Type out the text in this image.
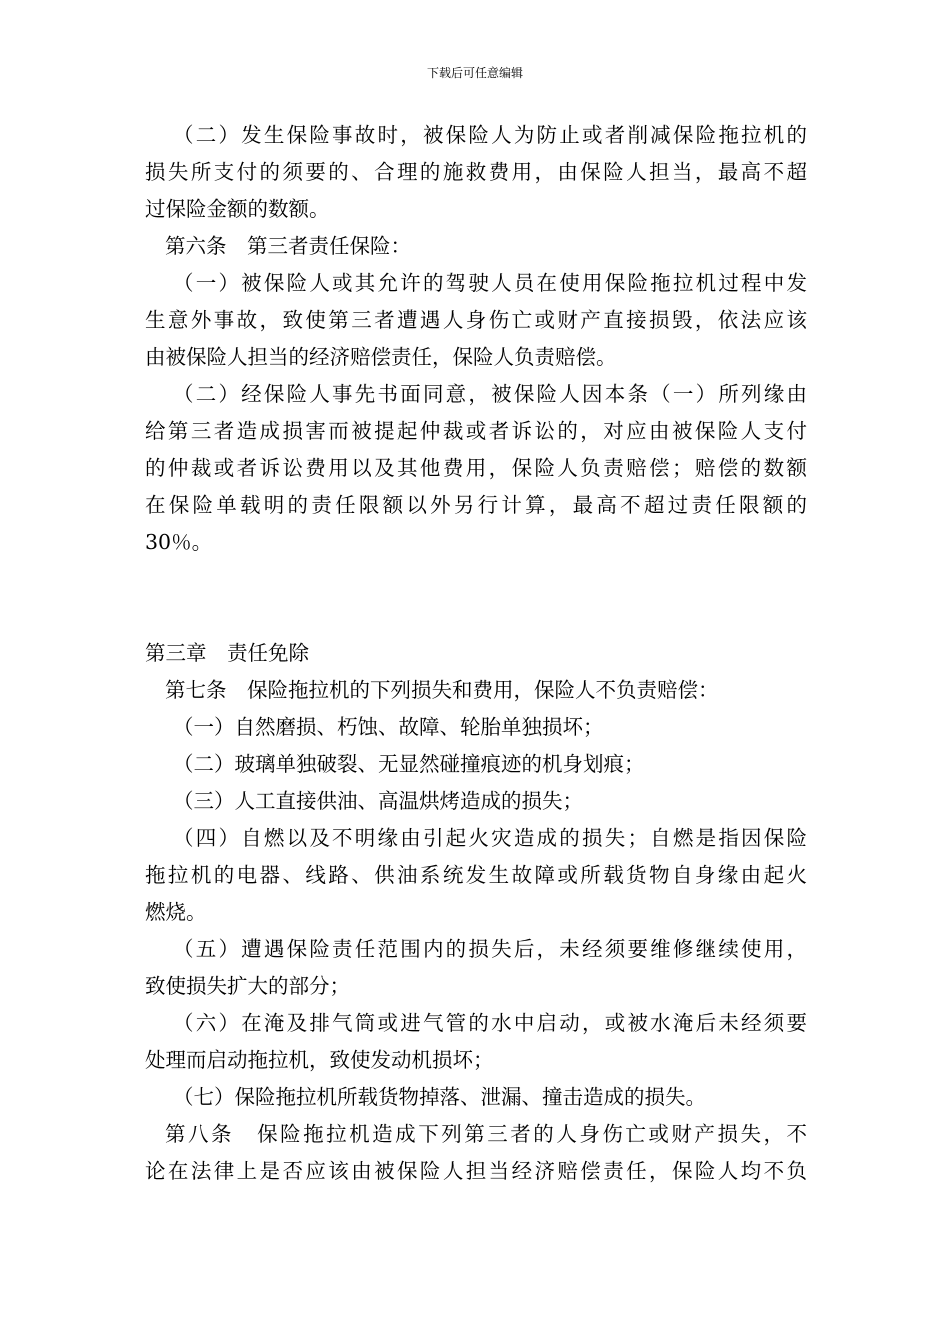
下载后可任意编辑
（二）发生保险事故时，被保险人为防止或者削减保险拖拉机的
损失所支付的须要的、合理的施救费用，由保险人担当，最高不超
过保险金额的数额。
第六条　第三者责任保险：
（一）被保险人或其允许的驾驶人员在使用保险拖拉机过程中发
生意外事故，致使第三者遭遇人身伤亡或财产直接损毁，依法应该
由被保险人担当的经济赔偿责任，保险人负责赔偿。
（二）经保险人事先书面同意，被保险人因本条（一）所列缘由
给第三者造成损害而被提起仲裁或者诉讼的，对应由被保险人支付
的仲裁或者诉讼费用以及其他费用，保险人负责赔偿；赔偿的数额
在保险单载明的责任限额以外另行计算，最高不超过责任限额的
30％。
第三章　责任免除
第七条　保险拖拉机的下列损失和费用，保险人不负责赔偿：
（一）自然磨损、朽蚀、故障、轮胎单独损坏；
（二）玻璃单独破裂、无显然碰撞痕迹的机身划痕；
（三）人工直接供油、高温烘烤造成的损失；
（四）自燃以及不明缘由引起火灾造成的损失；自燃是指因保险
拖拉机的电器、线路、供油系统发生故障或所载货物自身缘由起火
燃烧。
（五）遭遇保险责任范围内的损失后，未经须要维修继续使用，
致使损失扩大的部分；
（六）在淹及排气筒或进气管的水中启动，或被水淹后未经须要
处理而启动拖拉机，致使发动机损坏；
（七）保险拖拉机所载货物掉落、泄漏、撞击造成的损失。
第八条　保险拖拉机造成下列第三者的人身伤亡或财产损失，不
论在法律上是否应该由被保险人担当经济赔偿责任，保险人均不负
